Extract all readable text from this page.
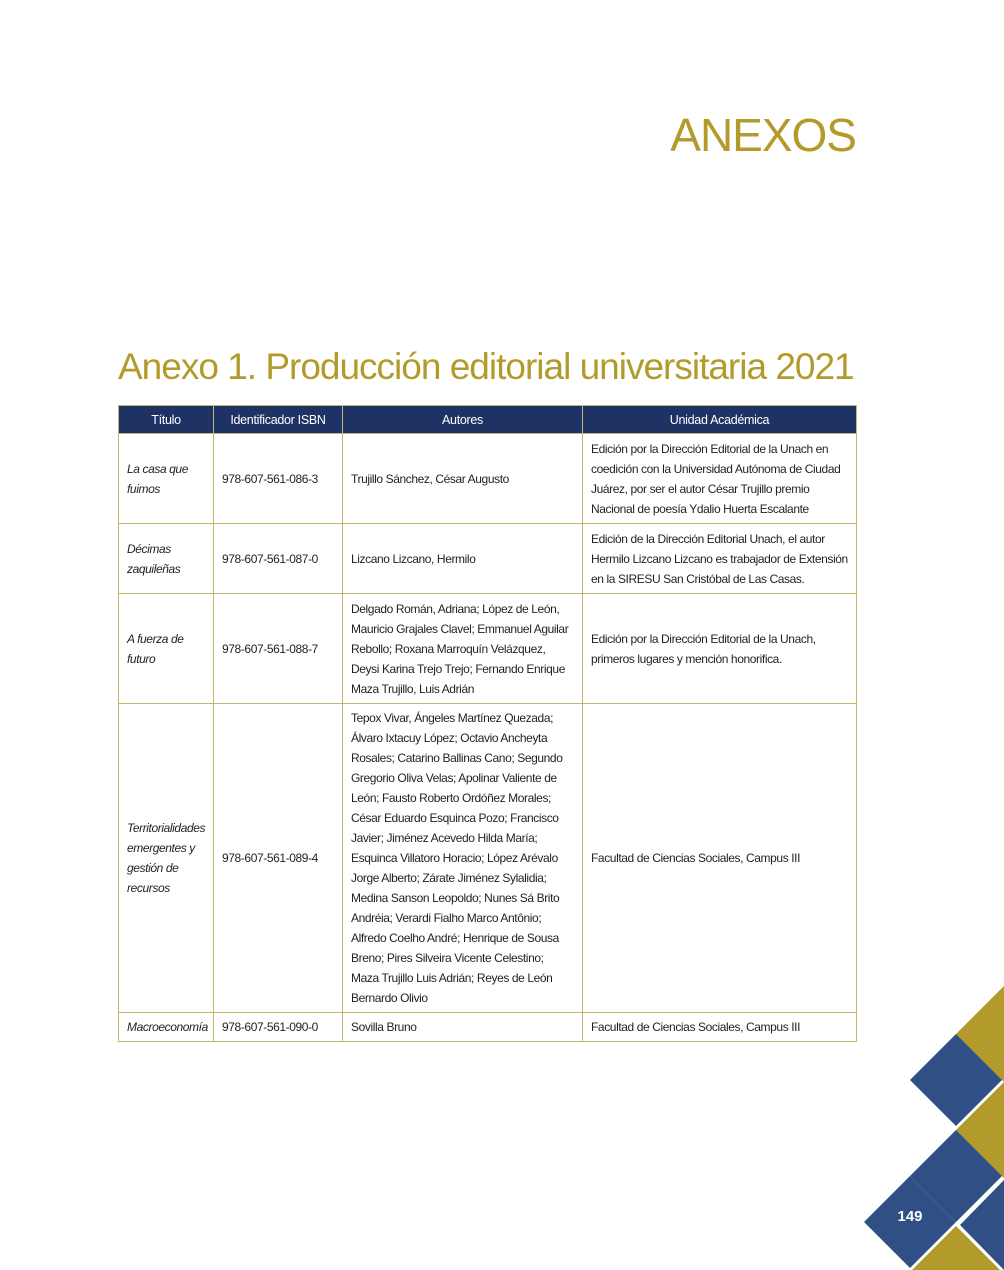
ANEXOS
Anexo 1. Producción editorial universitaria 2021
Título	Identificador ISBN	Autores	Unidad Académica
La casa que fuimos	978-607-561-086-3	Trujillo Sánchez, César Augusto	Edición por la Dirección Editorial de la Unach en coedición con la Universidad Autónoma de Ciudad Juárez, por ser el autor César Trujillo premio Nacional de poesía Ydalio Huerta Escalante
Décimas zaquileñas	978-607-561-087-0	Lizcano Lizcano, Hermilo	Edición de la Dirección Editorial Unach, el autor Hermilo Lizcano Lizcano es trabajador de Extensión en la SIRESU San Cristóbal de Las Casas.
A fuerza de futuro	978-607-561-088-7	Delgado Román, Adriana; López de León, Mauricio Grajales Clavel; Emmanuel Aguilar Rebollo; Roxana Marroquín Velázquez, Deysi Karina Trejo Trejo; Fernando Enrique Maza Trujillo, Luis Adrián	Edición por la Dirección Editorial de la Unach, primeros lugares y mención honorifica.
Territorialidades emergentes y gestión de recursos	978-607-561-089-4	Tepox Vivar, Ángeles Martínez Quezada; Álvaro Ixtacuy López; Octavio Ancheyta Rosales; Catarino Ballinas Cano; Segundo Gregorio Oliva Velas; Apolinar Valiente de León; Fausto Roberto Ordóñez Morales; César Eduardo Esquinca Pozo; Francisco Javier; Jiménez Acevedo Hilda María; Esquinca Villatoro Horacio; López Arévalo Jorge Alberto; Zárate Jiménez Sylalidia; Medina Sanson Leopoldo; Nunes Sá Brito Andréia; Verardi Fialho Marco Antônio; Alfredo Coelho André; Henrique de Sousa Breno; Pires Silveira Vicente Celestino; Maza Trujillo Luis Adrián; Reyes de León Bernardo Olivio	Facultad de Ciencias Sociales, Campus III
Macroeconomía	978-607-561-090-0	Sovilla Bruno	Facultad de Ciencias Sociales, Campus III
149
